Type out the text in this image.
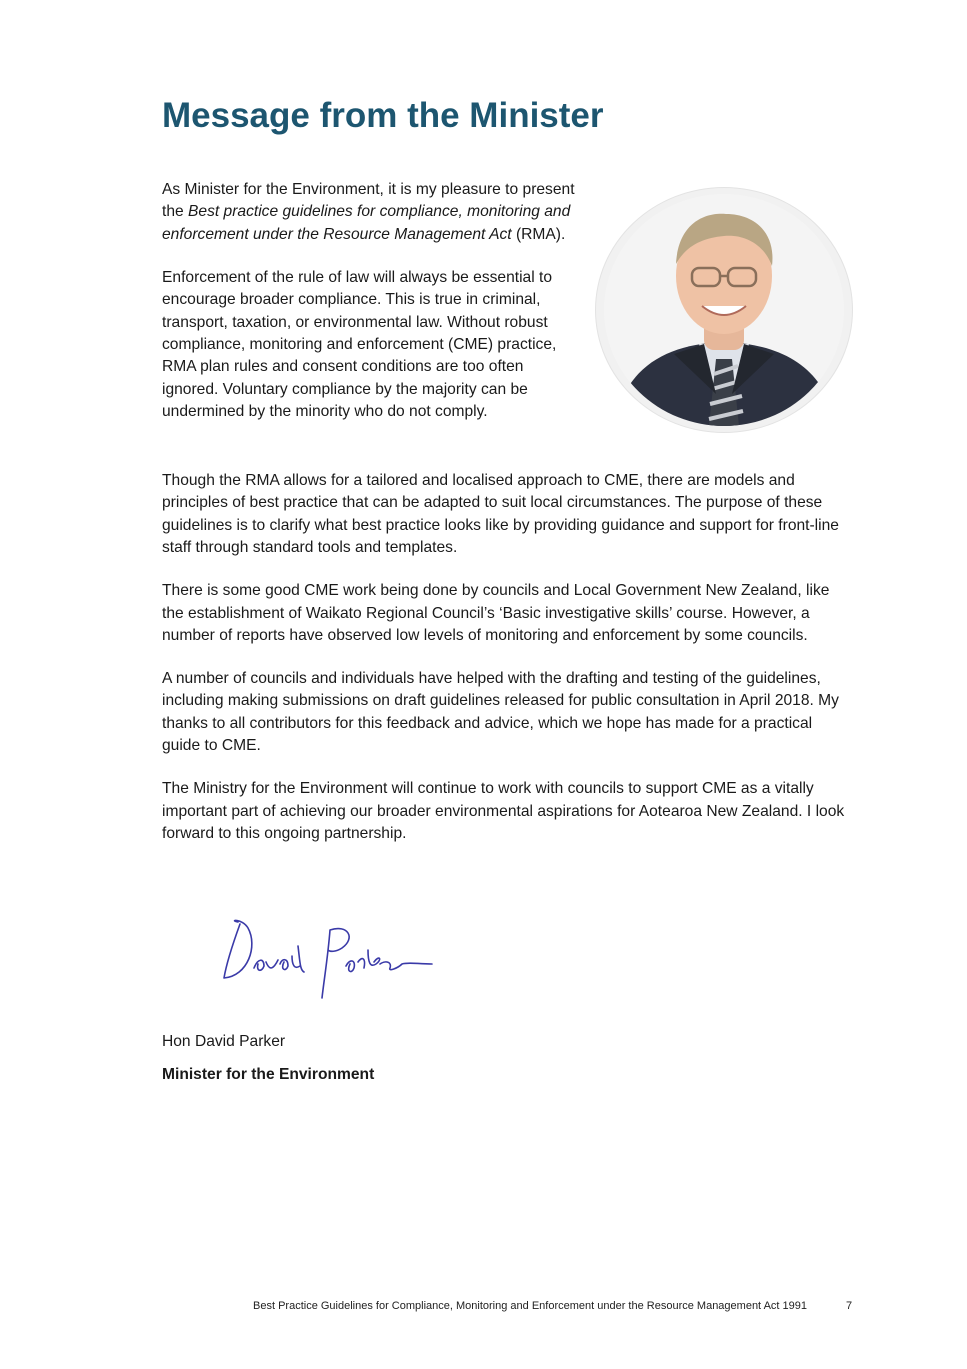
Message from the Minister

As Minister for the Environment, it is my pleasure to present the Best practice guidelines for compliance, monitoring and enforcement under the Resource Management Act (RMA).

Enforcement of the rule of law will always be essential to encourage broader compliance. This is true in criminal, transport, taxation, or environmental law. Without robust compliance, monitoring and enforcement (CME) practice, RMA plan rules and consent conditions are too often ignored. Voluntary compliance by the majority can be undermined by the minority who do not comply.

Though the RMA allows for a tailored and localised approach to CME, there are models and principles of best practice that can be adapted to suit local circumstances. The purpose of these guidelines is to clarify what best practice looks like by providing guidance and support for front-line staff through standard tools and templates.

There is some good CME work being done by councils and Local Government New Zealand, like the establishment of Waikato Regional Council’s ‘Basic investigative skills’ course. However, a number of reports have observed low levels of monitoring and enforcement by some councils.

A number of councils and individuals have helped with the drafting and testing of the guidelines, including making submissions on draft guidelines released for public consultation in April 2018. My thanks to all contributors for this feedback and advice, which we hope has made for a practical guide to CME.

The Ministry for the Environment will continue to work with councils to support CME as a vitally important part of achieving our broader environmental aspirations for Aotearoa New Zealand. I look forward to this ongoing partnership.

Hon David Parker

Minister for the Environment

Best Practice Guidelines for Compliance, Monitoring and Enforcement under the Resource Management Act 1991	7
